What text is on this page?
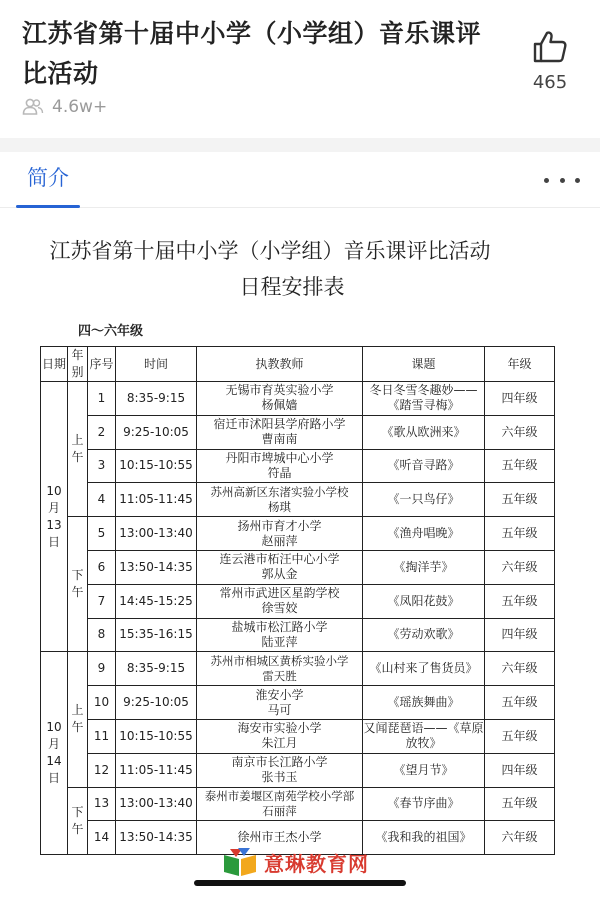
江苏省第十届中小学（小学组）音乐课评比活动
4.6w+
465
简介
江苏省第十届中小学（小学组）音乐课评比活动
日程安排表
四～六年级
日期	年别	序号	时间	执教教师	课题	年级
10月13日	上午	1	8:35-9:15	无锡市育英实验小学
杨佩嫱	冬日冬雪冬趣妙——《踏雪寻梅》	四年级
		2	9:25-10:05	宿迁市沭阳县学府路小学
曹南南	《歌从欧洲来》	六年级
		3	10:15-10:55	丹阳市埤城中心小学
符晶	《听音寻路》	五年级
		4	11:05-11:45	苏州高新区东渚实验小学校
杨琪	《一只鸟仔》	五年级
	下午	5	13:00-13:40	扬州市育才小学
赵丽萍	《渔舟唱晚》	五年级
		6	13:50-14:35	连云港市柘汪中心小学
郭从金	《掏洋芋》	六年级
		7	14:45-15:25	常州市武进区星韵学校
徐雪姣	《凤阳花鼓》	五年级
		8	15:35-16:15	盐城市松江路小学
陆亚萍	《劳动欢歌》	四年级
10月14日	上午	9	8:35-9:15	苏州市相城区黄桥实验小学
雷天胜	《山村来了售货员》	六年级
		10	9:25-10:05	淮安小学
马可	《瑶族舞曲》	五年级
		11	10:15-10:55	海安市实验小学
朱江月	又闻琵琶语——《草原放牧》	五年级
		12	11:05-11:45	南京市长江路小学
张书玉	《望月节》	四年级
	下午	13	13:00-13:40	泰州市姜堰区南苑学校小学部
石丽萍	《春节序曲》	五年级
		14	13:50-14:35	徐州市王杰小学	《我和我的祖国》	六年级
意琳教育网
